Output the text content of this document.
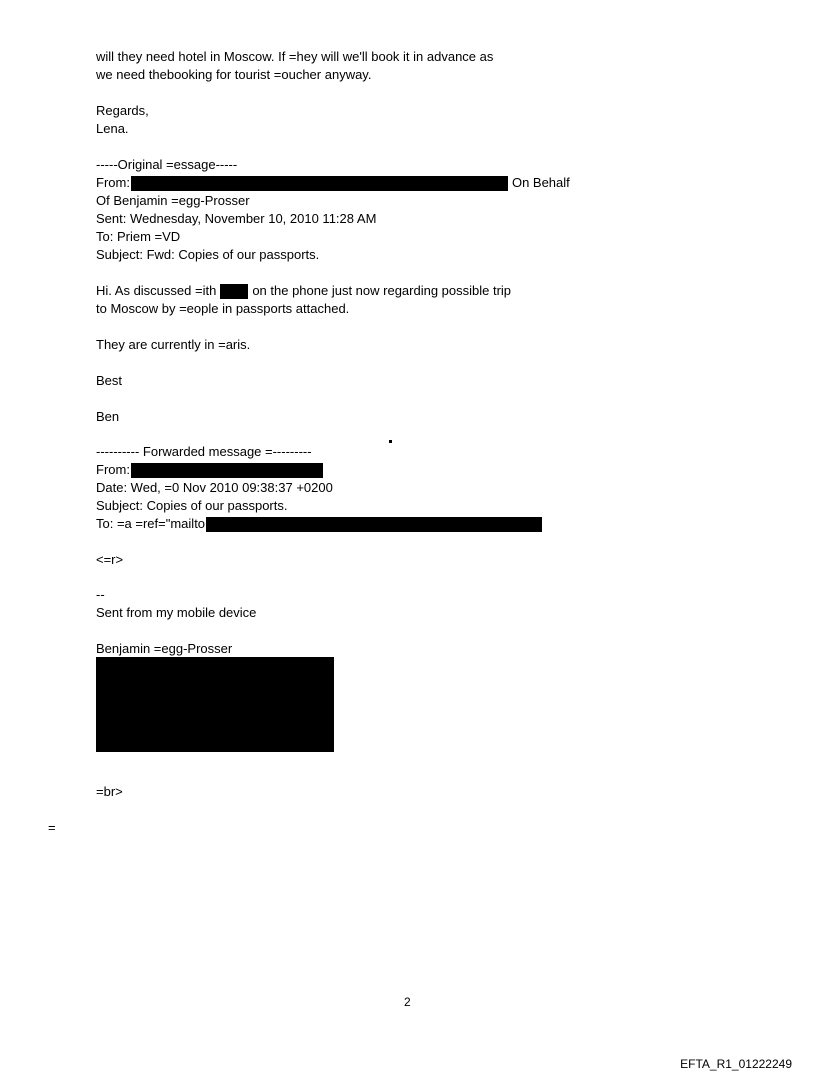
will they need hotel in Moscow. If =hey will we'll book it in advance as
we need thebooking for tourist =oucher anyway.
Regards,
Lena.
-----Original =essage-----
From:	On Behalf
Of Benjamin =egg-Prosser
Sent: Wednesday, November 10, 2010 11:28 AM
To: Priem =VD
Subject: Fwd: Copies of our passports.
Hi. As discussed =ith	on the phone just now regarding possible trip
to Moscow by =eople in passports attached.
They are currently in =aris.
Best
Ben
---------- Forwarded message =---------
From:
Date: Wed, =0 Nov 2010 09:38:37 +0200
Subject: Copies of our passports.
To: =a =ref="mailto
<=r>
--
Sent from my mobile device
Benjamin =egg-Prosser
=br>
=
2
EFTA_R1_01222249
